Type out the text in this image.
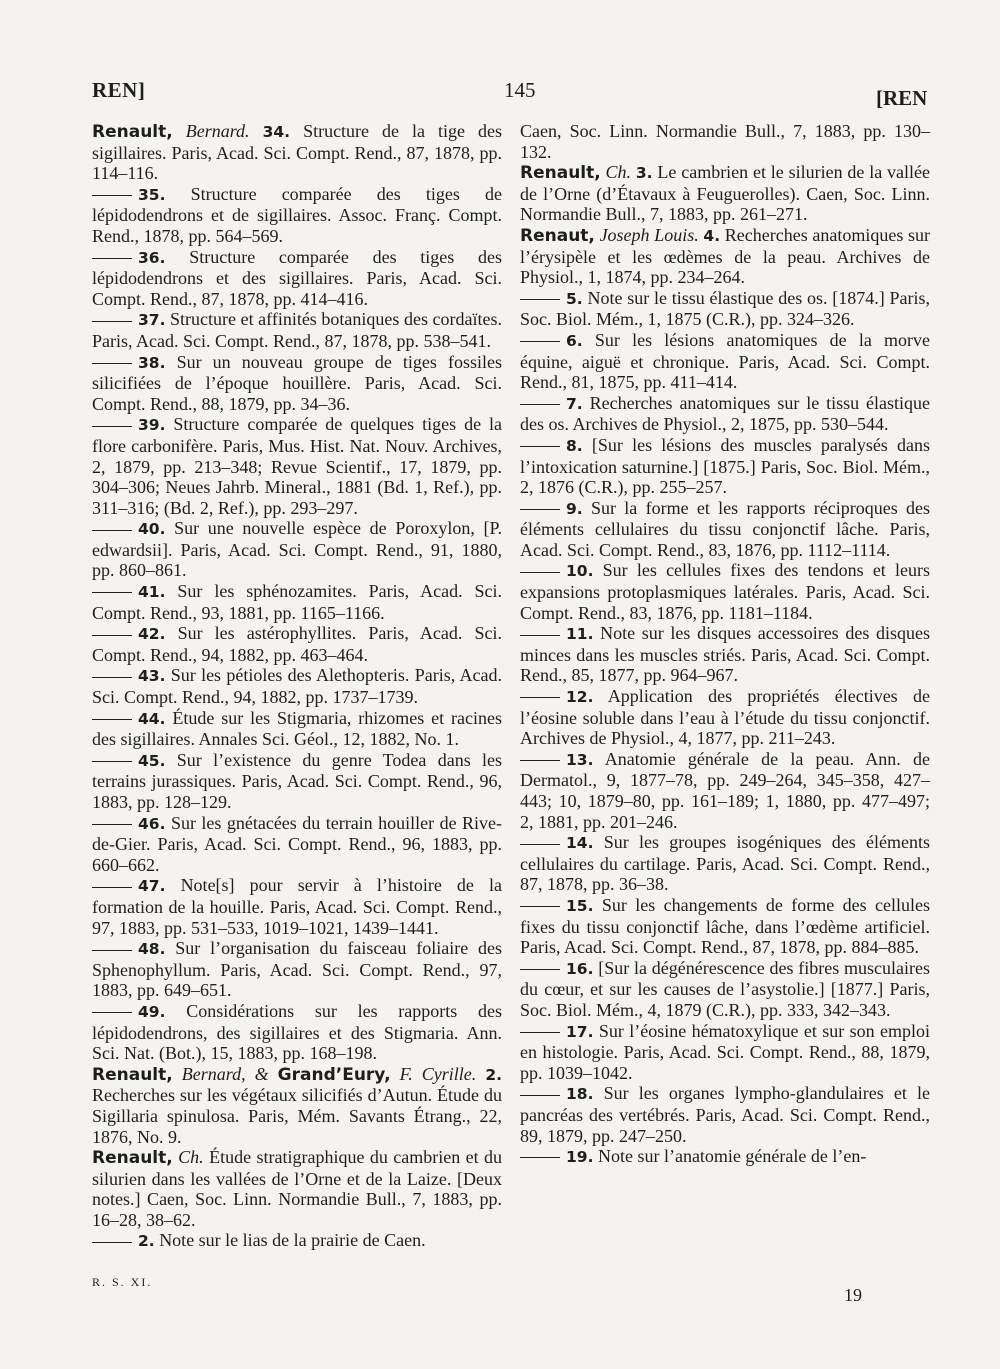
REN]	145	[REN

Renault, Bernard. 34. Structure de la tige des sigillaires. Paris, Acad. Sci. Compt. Rend., 87, 1878, pp. 114–116.

35. Structure comparée des tiges de lépidodendrons et de sigillaires. Assoc. Franç. Compt. Rend., 1878, pp. 564–569.

36. Structure comparée des tiges des lépidodendrons et des sigillaires. Paris, Acad. Sci. Compt. Rend., 87, 1878, pp. 414–416.

37. Structure et affinités botaniques des cordaïtes. Paris, Acad. Sci. Compt. Rend., 87, 1878, pp. 538–541.

38. Sur un nouveau groupe de tiges fossiles silicifiées de l’époque houillère. Paris, Acad. Sci. Compt. Rend., 88, 1879, pp. 34–36.

39. Structure comparée de quelques tiges de la flore carbonifère. Paris, Mus. Hist. Nat. Nouv. Archives, 2, 1879, pp. 213–348; Revue Scientif., 17, 1879, pp. 304–306; Neues Jahrb. Mineral., 1881 (Bd. 1, Ref.), pp. 311–316; (Bd. 2, Ref.), pp. 293–297.

40. Sur une nouvelle espèce de Poroxylon, [P. edwardsii]. Paris, Acad. Sci. Compt. Rend., 91, 1880, pp. 860–861.

41. Sur les sphénozamites. Paris, Acad. Sci. Compt. Rend., 93, 1881, pp. 1165–1166.

42. Sur les astérophyllites. Paris, Acad. Sci. Compt. Rend., 94, 1882, pp. 463–464.

43. Sur les pétioles des Alethopteris. Paris, Acad. Sci. Compt. Rend., 94, 1882, pp. 1737–1739.

44. Étude sur les Stigmaria, rhizomes et racines des sigillaires. Annales Sci. Géol., 12, 1882, No. 1.

45. Sur l’existence du genre Todea dans les terrains jurassiques. Paris, Acad. Sci. Compt. Rend., 96, 1883, pp. 128–129.

46. Sur les gnétacées du terrain houiller de Rive-de-Gier. Paris, Acad. Sci. Compt. Rend., 96, 1883, pp. 660–662.

47. Note[s] pour servir à l’histoire de la formation de la houille. Paris, Acad. Sci. Compt. Rend., 97, 1883, pp. 531–533, 1019–1021, 1439–1441.

48. Sur l’organisation du faisceau foliaire des Sphenophyllum. Paris, Acad. Sci. Compt. Rend., 97, 1883, pp. 649–651.

49. Considérations sur les rapports des lépidodendrons, des sigillaires et des Stigmaria. Ann. Sci. Nat. (Bot.), 15, 1883, pp. 168–198.

Renault, Bernard, & Grand’Eury, F. Cyrille. 2. Recherches sur les végétaux silicifiés d’Autun. Étude du Sigillaria spinulosa. Paris, Mém. Savants Étrang., 22, 1876, No. 9.

Renault, Ch. Étude stratigraphique du cambrien et du silurien dans les vallées de l’Orne et de la Laize. [Deux notes.] Caen, Soc. Linn. Normandie Bull., 7, 1883, pp. 16–28, 38–62.

2. Note sur le lias de la prairie de Caen.

Caen, Soc. Linn. Normandie Bull., 7, 1883, pp. 130–132.

Renault, Ch. 3. Le cambrien et le silurien de la vallée de l’Orne (d’Étavaux à Feuguerolles). Caen, Soc. Linn. Normandie Bull., 7, 1883, pp. 261–271.

Renaut, Joseph Louis. 4. Recherches anatomiques sur l’érysipèle et les œdèmes de la peau. Archives de Physiol., 1, 1874, pp. 234–264.

5. Note sur le tissu élastique des os. [1874.] Paris, Soc. Biol. Mém., 1, 1875 (C.R.), pp. 324–326.

6. Sur les lésions anatomiques de la morve équine, aiguë et chronique. Paris, Acad. Sci. Compt. Rend., 81, 1875, pp. 411–414.

7. Recherches anatomiques sur le tissu élastique des os. Archives de Physiol., 2, 1875, pp. 530–544.

8. [Sur les lésions des muscles paralysés dans l’intoxication saturnine.] [1875.] Paris, Soc. Biol. Mém., 2, 1876 (C.R.), pp. 255–257.

9. Sur la forme et les rapports réciproques des éléments cellulaires du tissu conjonctif lâche. Paris, Acad. Sci. Compt. Rend., 83, 1876, pp. 1112–1114.

10. Sur les cellules fixes des tendons et leurs expansions protoplasmiques latérales. Paris, Acad. Sci. Compt. Rend., 83, 1876, pp. 1181–1184.

11. Note sur les disques accessoires des disques minces dans les muscles striés. Paris, Acad. Sci. Compt. Rend., 85, 1877, pp. 964–967.

12. Application des propriétés électives de l’éosine soluble dans l’eau à l’étude du tissu conjonctif. Archives de Physiol., 4, 1877, pp. 211–243.

13. Anatomie générale de la peau. Ann. de Dermatol., 9, 1877–78, pp. 249–264, 345–358, 427–443; 10, 1879–80, pp. 161–189; 1, 1880, pp. 477–497; 2, 1881, pp. 201–246.

14. Sur les groupes isogéniques des éléments cellulaires du cartilage. Paris, Acad. Sci. Compt. Rend., 87, 1878, pp. 36–38.

15. Sur les changements de forme des cellules fixes du tissu conjonctif lâche, dans l’œdème artificiel. Paris, Acad. Sci. Compt. Rend., 87, 1878, pp. 884–885.

16. [Sur la dégénérescence des fibres musculaires du cœur, et sur les causes de l’asystolie.] [1877.] Paris, Soc. Biol. Mém., 4, 1879 (C.R.), pp. 333, 342–343.

17. Sur l’éosine hématoxylique et sur son emploi en histologie. Paris, Acad. Sci. Compt. Rend., 88, 1879, pp. 1039–1042.

18. Sur les organes lympho-glandulaires et le pancréas des vertébrés. Paris, Acad. Sci. Compt. Rend., 89, 1879, pp. 247–250.

19. Note sur l’anatomie générale de l’en-

R. S. XI.
19
